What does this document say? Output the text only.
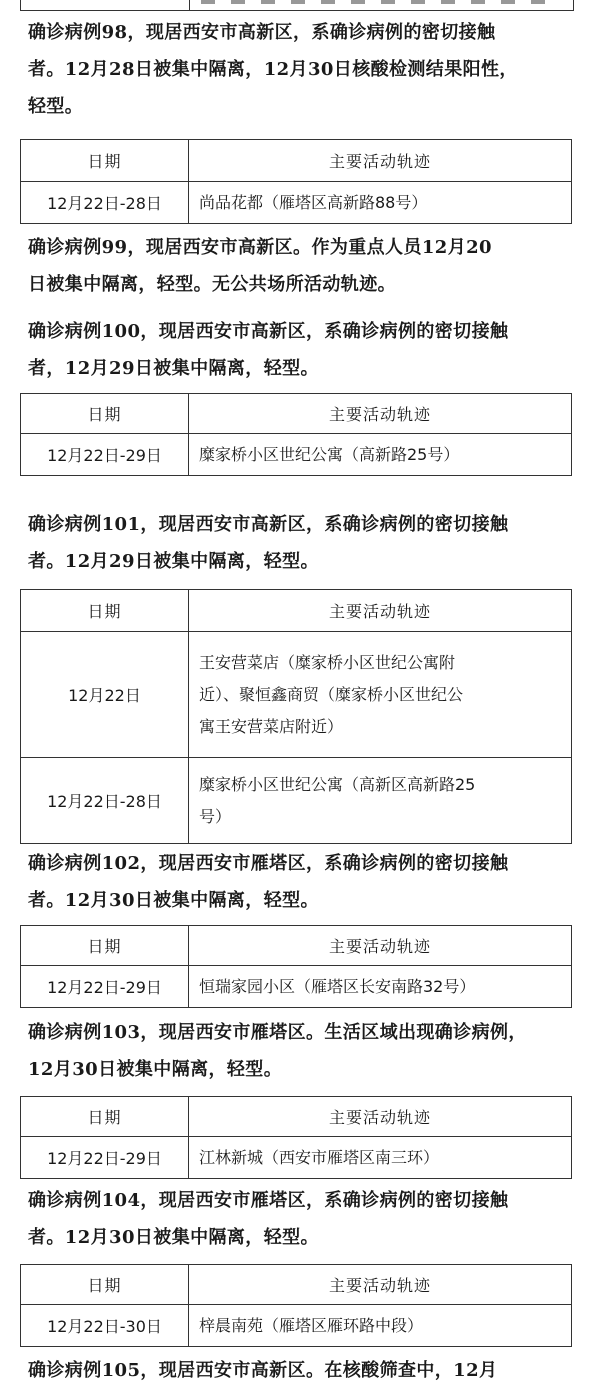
确诊病例98，现居西安市高新区，系确诊病例的密切接触
者。12月28日被集中隔离，12月30日核酸检测结果阳性，
轻型。

日期	主要活动轨迹
12月22日-28日	尚品花都（雁塔区高新路88号）

确诊病例99，现居西安市高新区。作为重点人员12月20
日被集中隔离，轻型。无公共场所活动轨迹。

确诊病例100，现居西安市高新区，系确诊病例的密切接触
者，12月29日被集中隔离，轻型。

日期	主要活动轨迹
12月22日-29日	糜家桥小区世纪公寓（高新路25号）

确诊病例101，现居西安市高新区，系确诊病例的密切接触
者。12月29日被集中隔离，轻型。

日期	主要活动轨迹
12月22日	王安营菜店（糜家桥小区世纪公寓附
近）、聚恒鑫商贸（糜家桥小区世纪公
寓王安营菜店附近）
12月22日-28日	糜家桥小区世纪公寓（高新区高新路25
号）

确诊病例102，现居西安市雁塔区，系确诊病例的密切接触
者。12月30日被集中隔离，轻型。

日期	主要活动轨迹
12月22日-29日	恒瑞家园小区（雁塔区长安南路32号）

确诊病例103，现居西安市雁塔区。生活区域出现确诊病例，
12月30日被集中隔离，轻型。

日期	主要活动轨迹
12月22日-29日	江林新城（西安市雁塔区南三环）

确诊病例104，现居西安市雁塔区，系确诊病例的密切接触
者。12月30日被集中隔离，轻型。

日期	主要活动轨迹
12月22日-30日	梓晨南苑（雁塔区雁环路中段）

确诊病例105，现居西安市高新区。在核酸筛查中，12月
